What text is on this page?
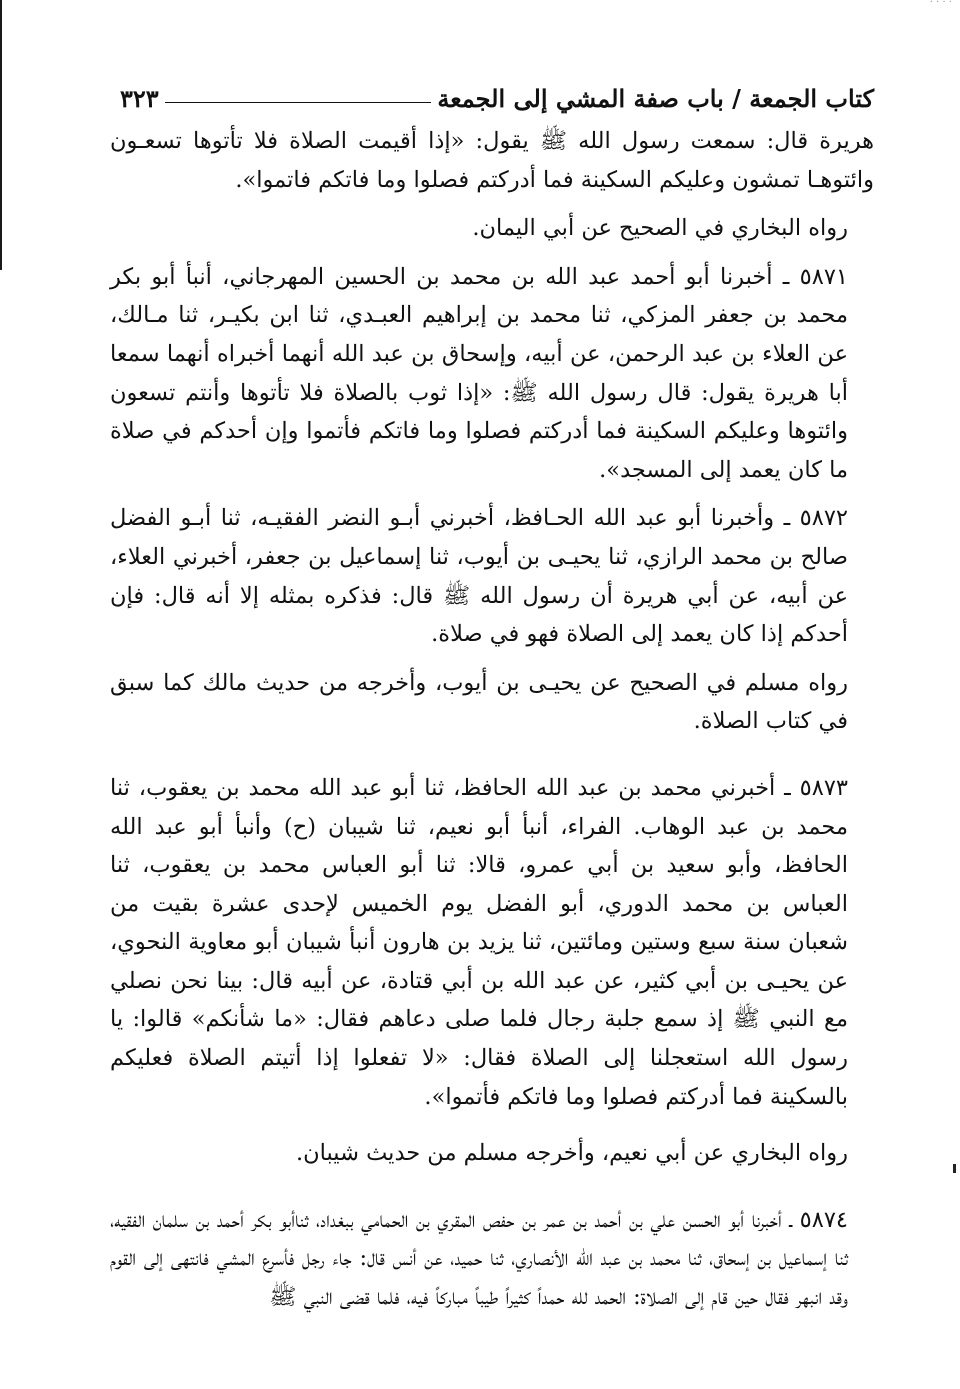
· · · ·
كتاب الجمعة / باب صفة المشي إلى الجمعة
٣٢٣

هريرة قال: سمعت رسول الله ﷺ يقول: «إذا أقيمت الصلاة فلا تأتوها تسعـون وائتوهـا تمشون وعليكم السكينة فما أدركتم فصلوا وما فاتكم فاتموا».

رواه البخاري في الصحيح عن أبي اليمان.

٥٨٧١ ـ أخبرنا أبو أحمد عبد الله بن محمد بن الحسين المهرجاني، أنبأ أبو بكر محمد بن جعفر المزكي، ثنا محمد بن إبراهيم العبـدي، ثنا ابن بكيـر، ثنا مـالك، عن العلاء بن عبد الرحمن، عن أبيه، وإسحاق بن عبد الله أنهما أخبراه أنهما سمعا أبا هريرة يقول: قال رسول الله ﷺ: «إذا ثوب بالصلاة فلا تأتوها وأنتم تسعون وائتوها وعليكم السكينة فما أدركتم فصلوا وما فاتكم فأتموا وإن أحدكم في صلاة ما كان يعمد إلى المسجد».

٥٨٧٢ ـ وأخبرنا أبو عبد الله الحـافظ، أخبرني أبـو النضر الفقيـه، ثنا أبـو الفضل صالح بن محمد الرازي، ثنا يحيـى بن أيوب، ثنا إسماعيل بن جعفر، أخبرني العلاء، عن أبيه، عن أبي هريرة أن رسول الله ﷺ قال: فذكره بمثله إلا أنه قال: فإن أحدكم إذا كان يعمد إلى الصلاة فهو في صلاة.

رواه مسلم في الصحيح عن يحيـى بن أيوب، وأخرجه من حديث مالك كما سبق في كتاب الصلاة.

٥٨٧٣ ـ أخبرني محمد بن عبد الله الحافظ، ثنا أبو عبد الله محمد بن يعقوب، ثنا محمد بن عبد الوهاب. الفراء، أنبأ أبو نعيم، ثنا شيبان (ح) وأنبأ أبو عبد الله الحافظ، وأبو سعيد بن أبي عمرو، قالا: ثنا أبو العباس محمد بن يعقوب، ثنا العباس بن محمد الدوري، أبو الفضل يوم الخميس لإحدى عشرة بقيت من شعبان سنة سبع وستين ومائتين، ثنا يزيد بن هارون أنبأ شيبان أبو معاوية النحوي، عن يحيـى بن أبي كثير، عن عبد الله بن أبي قتادة، عن أبيه قال: بينا نحن نصلي مع النبي ﷺ إذ سمع جلبة رجال فلما صلى دعاهم فقال: «ما شأنكم» قالوا: يا رسول الله استعجلنا إلى الصلاة فقال: «لا تفعلوا إذا أتيتم الصلاة فعليكم بالسكينة فما أدركتم فصلوا وما فاتكم فأتموا».

رواه البخاري عن أبي نعيم، وأخرجه مسلم من حديث شيبان.

٥٨٧٤ ـ أخبرنا أبو الحسن علي بن أحمد بن عمر بن حفص المقري بن الحمامي ببغداد، ثناأبو بكر أحمد بن سلمان الفقيه، ثنا إسماعيل بن إسحاق، ثنا محمد بن عبد الله الأنصاري، ثنا حميد، عن أنس قال: جاء رجل فأسرع المشي فانتهى إلى القوم وقد انبهر فقال حين قام إلى الصلاة: الحمد لله حمداً كثيراً طيباً مباركاً فيه، فلما قضى النبي ﷺ
